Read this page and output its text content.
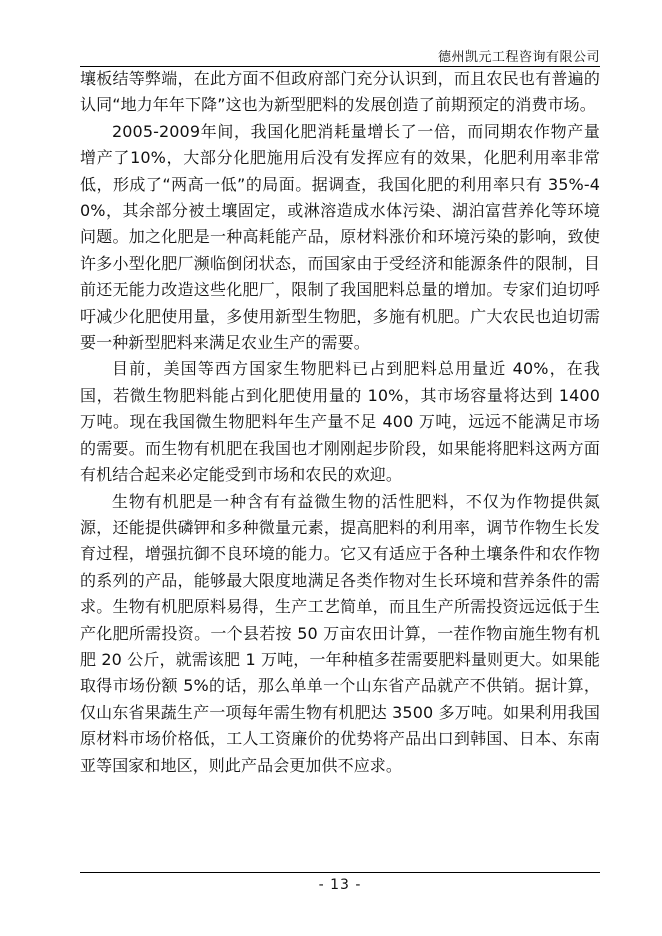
德州凯元工程咨询有限公司

壤板结等弊端，在此方面不但政府部门充分认识到，而且农民也有普遍的认同“地力年年下降”这也为新型肥料的发展创造了前期预定的消费市场。

2005-2009年间，我国化肥消耗量增长了一倍，而同期农作物产量增产了10%，大部分化肥施用后没有发挥应有的效果，化肥利用率非常低，形成了“两高一低”的局面。据调查，我国化肥的利用率只有 35%-40%，其余部分被土壤固定，或淋溶造成水体污染、湖泊富营养化等环境问题。加之化肥是一种高耗能产品，原材料涨价和环境污染的影响，致使许多小型化肥厂濒临倒闭状态，而国家由于受经济和能源条件的限制，目前还无能力改造这些化肥厂，限制了我国肥料总量的增加。专家们迫切呼吁减少化肥使用量，多使用新型生物肥，多施有机肥。广大农民也迫切需要一种新型肥料来满足农业生产的需要。

目前，美国等西方国家生物肥料已占到肥料总用量近 40%，在我国，若微生物肥料能占到化肥使用量的 10%，其市场容量将达到 1400 万吨。现在我国微生物肥料年生产量不足 400 万吨，远远不能满足市场的需要。而生物有机肥在我国也才刚刚起步阶段，如果能将肥料这两方面有机结合起来必定能受到市场和农民的欢迎。

生物有机肥是一种含有有益微生物的活性肥料，不仅为作物提供氮源，还能提供磷钾和多种微量元素，提高肥料的利用率，调节作物生长发育过程，增强抗御不良环境的能力。它又有适应于各种土壤条件和农作物的系列的产品，能够最大限度地满足各类作物对生长环境和营养条件的需求。生物有机肥原料易得，生产工艺简单，而且生产所需投资远远低于生产化肥所需投资。一个县若按 50 万亩农田计算，一茬作物亩施生物有机肥 20 公斤，就需该肥 1 万吨，一年种植多茬需要肥料量则更大。如果能取得市场份额 5%的话，那么单单一个山东省产品就产不供销。据计算，仅山东省果蔬生产一项每年需生物有机肥达 3500 多万吨。如果利用我国原材料市场价格低，工人工资廉价的优势将产品出口到韩国、日本、东南亚等国家和地区，则此产品会更加供不应求。

- 13 -
